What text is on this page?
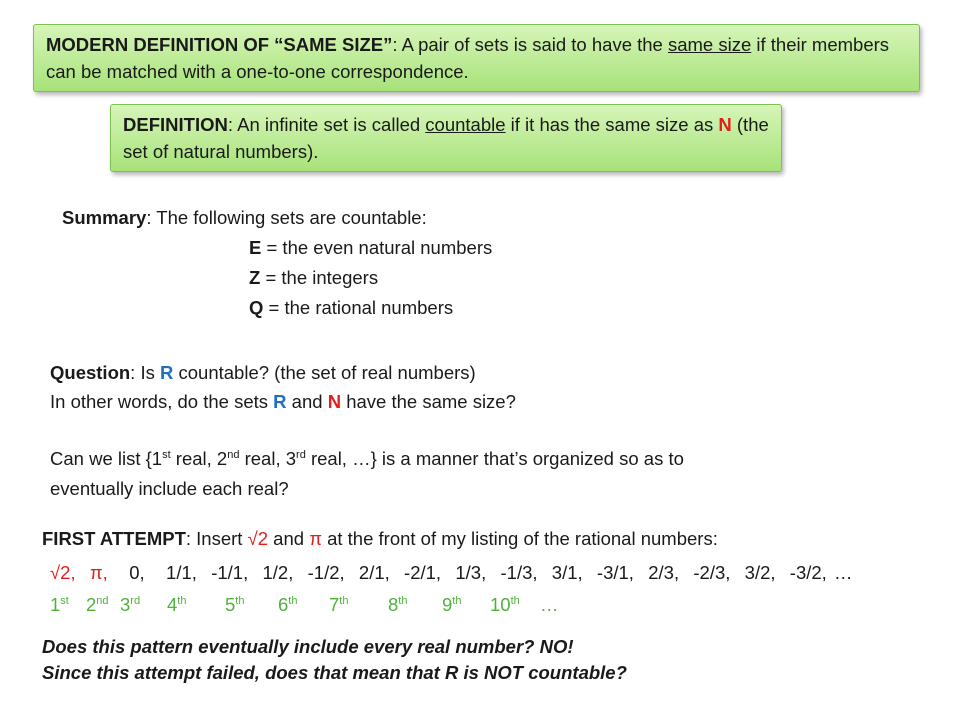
MODERN DEFINITION OF “SAME SIZE”: A pair of sets is said to have the same size if their members can be matched with a one-to-one correspondence.
DEFINITION: An infinite set is called countable if it has the same size as N (the set of natural numbers).
Summary: The following sets are countable:
E = the even natural numbers
Z = the integers
Q = the rational numbers
Question: Is R countable? (the set of real numbers)
In other words, do the sets R and N have the same size?
Can we list {1st real, 2nd real, 3rd real, …} is a manner that’s organized so as to
eventually include each real?
FIRST ATTEMPT: Insert √2 and π at the front of my listing of the rational numbers:
√2, π, 0,   1/1,  -1/1,  1/2,  -1/2,  2/1,  -2/1,  1/3,  -1/3,  3/1,  -3/1,  2/3,  -2/3,  3/2,  -3/2, …
1st 2nd 3rd 4th 5th 6th 7th 8th 9th 10th …
Does this pattern eventually include every real number? NO!
Since this attempt failed, does that mean that R is NOT countable?
